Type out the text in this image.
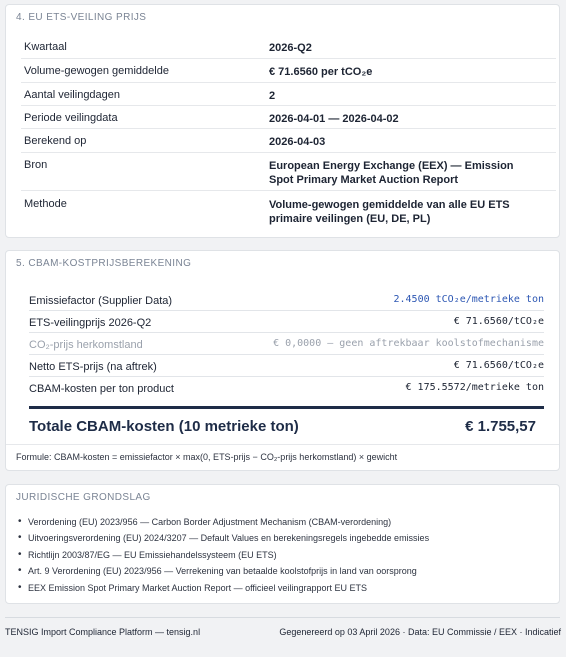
4. EU ETS-VEILING PRIJS
Kwartaal	2026-Q2
Volume-gewogen gemiddelde	€ 71.6560 per tCO₂e
Aantal veilingdagen	2
Periode veilingdata	2026-04-01 — 2026-04-02
Berekend op	2026-04-03
Bron	European Energy Exchange (EEX) — Emission Spot Primary Market Auction Report
Methode	Volume-gewogen gemiddelde van alle EU ETS primaire veilingen (EU, DE, PL)
5. CBAM-KOSTPRIJSBEREKENING
Emissiefactor (Supplier Data)	2.4500 tCO₂e/metrieke ton
ETS-veilingprijs 2026-Q2	€ 71.6560/tCO₂e
CO₂-prijs herkomstland	€ 0,0000 — geen aftrekbaar koolstofmechanisme
Netto ETS-prijs (na aftrek)	€ 71.6560/tCO₂e
CBAM-kosten per ton product	€ 175.5572/metrieke ton
Totale CBAM-kosten (10 metrieke ton)	€ 1.755,57
Formule: CBAM-kosten = emissiefactor × max(0, ETS-prijs − CO₂-prijs herkomstland) × gewicht
JURIDISCHE GRONDSLAG
• Verordening (EU) 2023/956 — Carbon Border Adjustment Mechanism (CBAM-verordening)
• Uitvoeringsverordening (EU) 2024/3207 — Default Values en berekeningsregels ingebedde emissies
• Richtlijn 2003/87/EG — EU Emissiehandelssysteem (EU ETS)
• Art. 9 Verordening (EU) 2023/956 — Verrekening van betaalde koolstofprijs in land van oorsprong
• EEX Emission Spot Primary Market Auction Report — officieel veilingrapport EU ETS
TENSIG Import Compliance Platform — tensig.nl	Gegenereerd op 03 April 2026 · Data: EU Commissie / EEX · Indicatief
